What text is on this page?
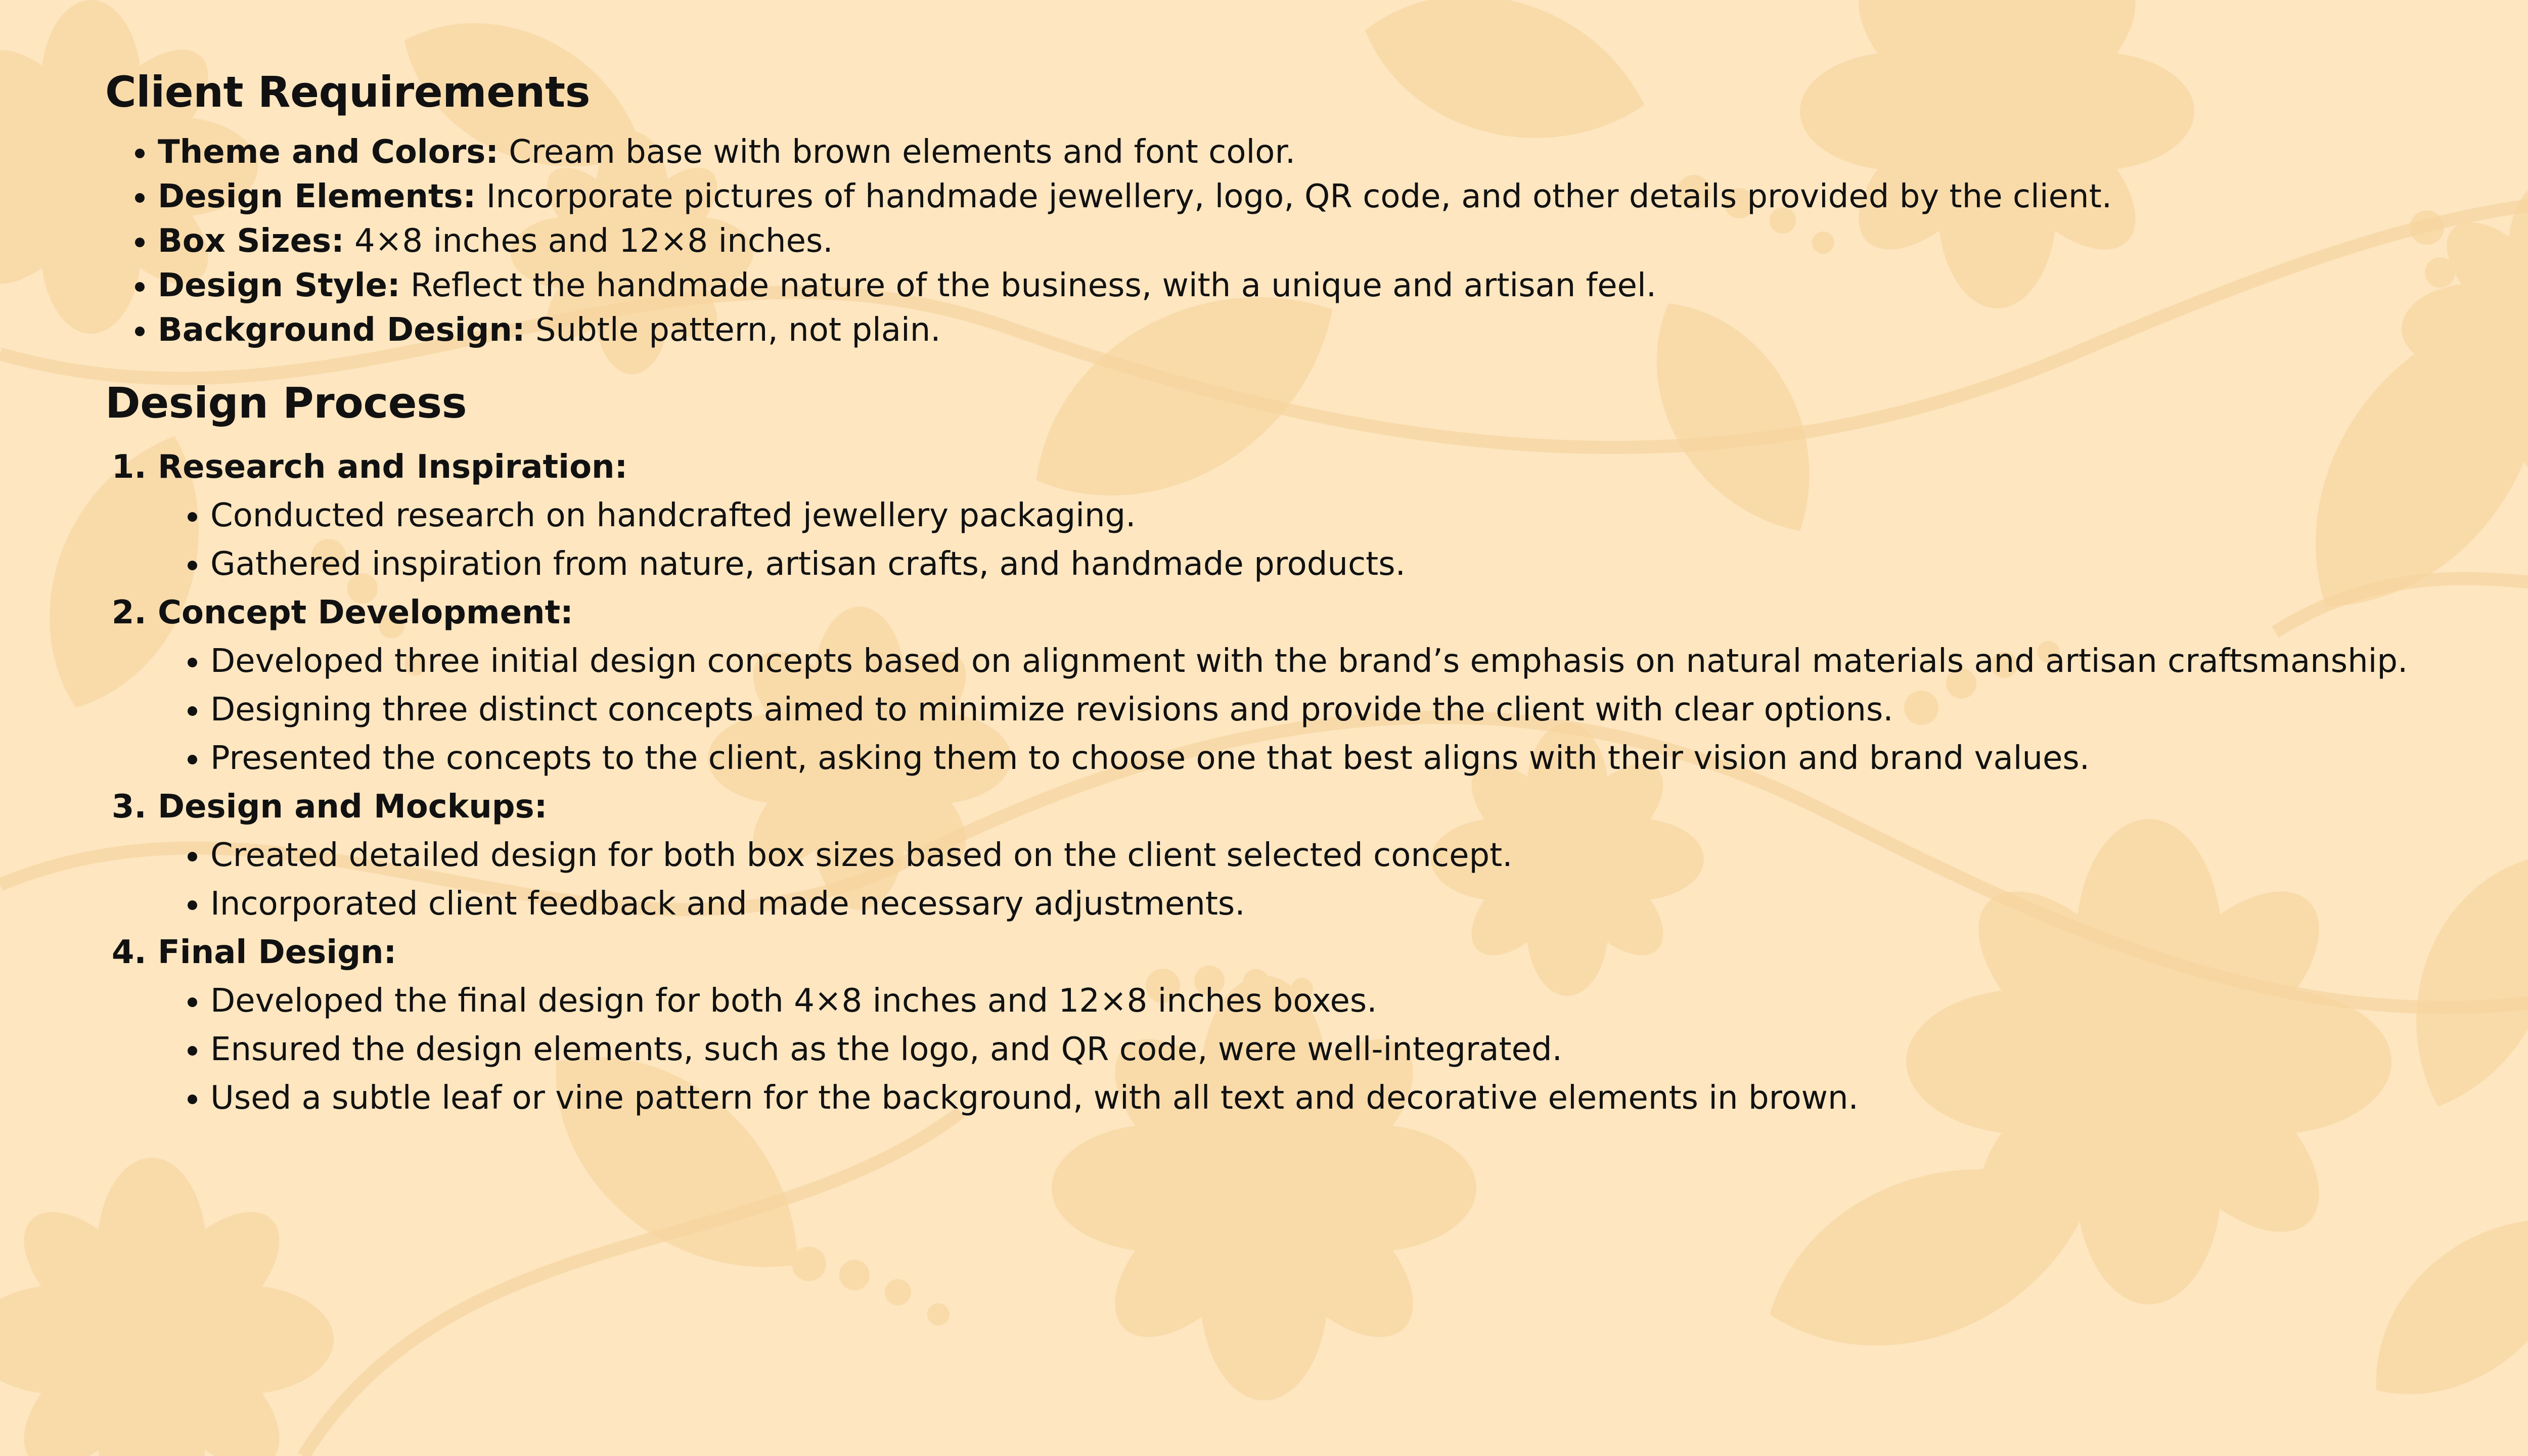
Client Requirements
• Theme and Colors: Cream base with brown elements and font color.
• Design Elements: Incorporate pictures of handmade jewellery, logo, QR code, and other details provided by the client.
• Box Sizes: 4×8 inches and 12×8 inches.
• Design Style: Reflect the handmade nature of the business, with a unique and artisan feel.
• Background Design: Subtle pattern, not plain.
Design Process
1. Research and Inspiration:
• Conducted research on handcrafted jewellery packaging.
• Gathered inspiration from nature, artisan crafts, and handmade products.
2. Concept Development:
• Developed three initial design concepts based on alignment with the brand’s emphasis on natural materials and artisan craftsmanship.
• Designing three distinct concepts aimed to minimize revisions and provide the client with clear options.
• Presented the concepts to the client, asking them to choose one that best aligns with their vision and brand values.
3. Design and Mockups:
• Created detailed design for both box sizes based on the client selected concept.
• Incorporated client feedback and made necessary adjustments.
4. Final Design:
• Developed the final design for both 4×8 inches and 12×8 inches boxes.
• Ensured the design elements, such as the logo, and QR code, were well-integrated.
• Used a subtle leaf or vine pattern for the background, with all text and decorative elements in brown.
